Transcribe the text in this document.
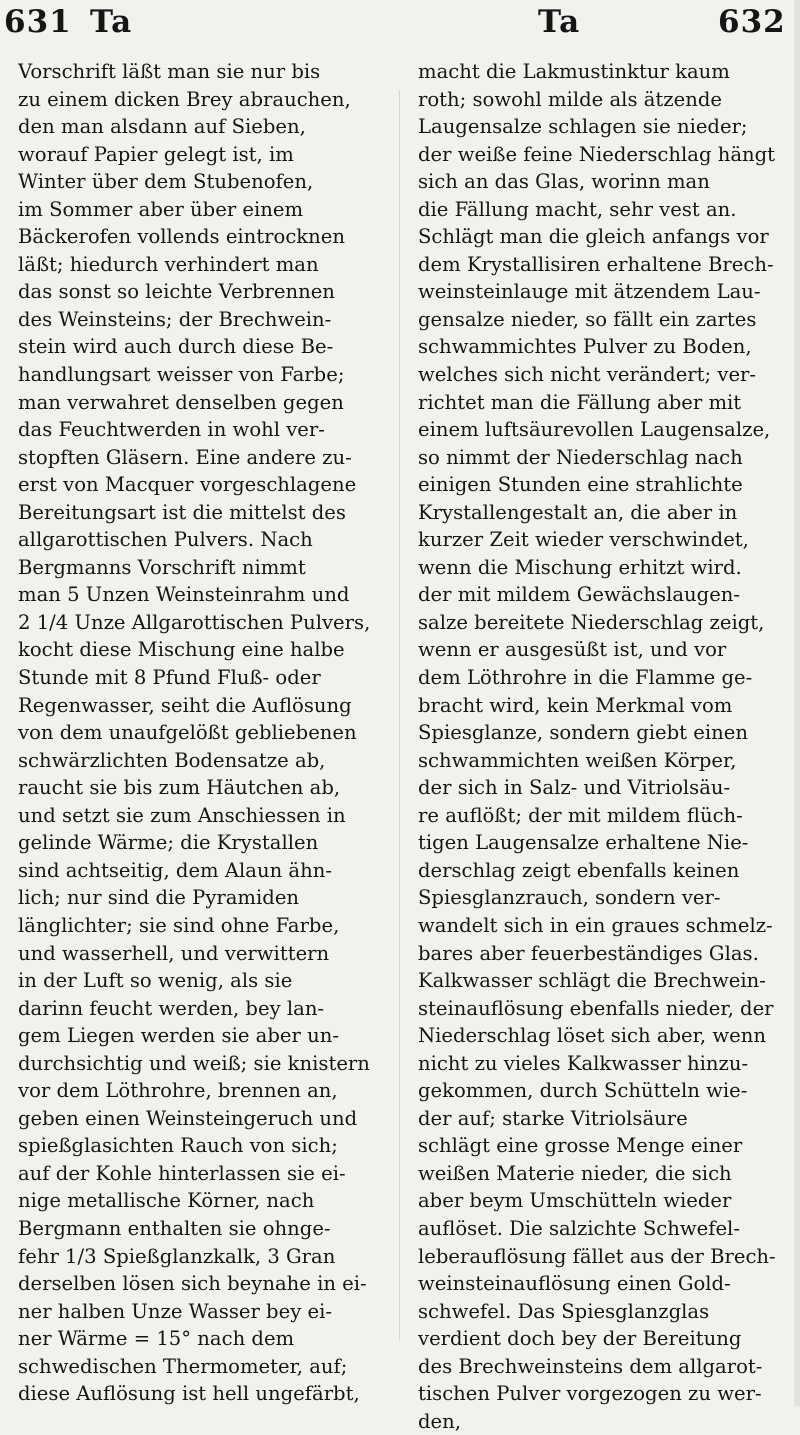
631 Ta	Ta	632
Vorschrift läßt man sie nur bis
zu einem dicken Brey abrauchen,
den man alsdann auf Sieben,
worauf Papier gelegt ist, im
Winter über dem Stubenofen,
im Sommer aber über einem
Bäckerofen vollends eintrocknen
läßt; hiedurch verhindert man
das sonst so leichte Verbrennen
des Weinsteins; der Brechwein-
stein wird auch durch diese Be-
handlungsart weisser von Farbe;
man verwahret denselben gegen
das Feuchtwerden in wohl ver-
stopften Gläsern. Eine andere zu-
erst von Macquer vorgeschlagene
Bereitungsart ist die mittelst des
allgarottischen Pulvers. Nach
Bergmanns Vorschrift nimmt
man 5 Unzen Weinsteinrahm und
2 1/4 Unze Allgarottischen Pulvers,
kocht diese Mischung eine halbe
Stunde mit 8 Pfund Fluß- oder
Regenwasser, seiht die Auflösung
von dem unaufgelößt gebliebenen
schwärzlichten Bodensatze ab,
raucht sie bis zum Häutchen ab,
und setzt sie zum Anschiessen in
gelinde Wärme; die Krystallen
sind achtseitig, dem Alaun ähn-
lich; nur sind die Pyramiden
länglichter; sie sind ohne Farbe,
und wasserhell, und verwittern
in der Luft so wenig, als sie
darinn feucht werden, bey lan-
gem Liegen werden sie aber un-
durchsichtig und weiß; sie knistern
vor dem Löthrohre, brennen an,
geben einen Weinsteingeruch und
spießglasichten Rauch von sich;
auf der Kohle hinterlassen sie ei-
nige metallische Körner, nach
Bergmann enthalten sie ohnge-
fehr 1/3 Spießglanzkalk, 3 Gran
derselben lösen sich beynahe in ei-
ner halben Unze Wasser bey ei-
ner Wärme = 15° nach dem
schwedischen Thermometer, auf;
diese Auflösung ist hell ungefärbt,
macht die Lakmustinktur kaum
roth; sowohl milde als ätzende
Laugensalze schlagen sie nieder;
der weiße feine Niederschlag hängt
sich an das Glas, worinn man
die Fällung macht, sehr vest an.
Schlägt man die gleich anfangs vor
dem Krystallisiren erhaltene Brech-
weinsteinlauge mit ätzendem Lau-
gensalze nieder, so fällt ein zartes
schwammichtes Pulver zu Boden,
welches sich nicht verändert; ver-
richtet man die Fällung aber mit
einem luftsäurevollen Laugensalze,
so nimmt der Niederschlag nach
einigen Stunden eine strahlichte
Krystallengestalt an, die aber in
kurzer Zeit wieder verschwindet,
wenn die Mischung erhitzt wird.
der mit mildem Gewächslaugen-
salze bereitete Niederschlag zeigt,
wenn er ausgesüßt ist, und vor
dem Löthrohre in die Flamme ge-
bracht wird, kein Merkmal vom
Spiesglanze, sondern giebt einen
schwammichten weißen Körper,
der sich in Salz- und Vitriolsäu-
re auflößt; der mit mildem flüch-
tigen Laugensalze erhaltene Nie-
derschlag zeigt ebenfalls keinen
Spiesglanzrauch, sondern ver-
wandelt sich in ein graues schmelz-
bares aber feuerbeständiges Glas.
Kalkwasser schlägt die Brechwein-
steinauflösung ebenfalls nieder, der
Niederschlag löset sich aber, wenn
nicht zu vieles Kalkwasser hinzu-
gekommen, durch Schütteln wie-
der auf; starke Vitriolsäure
schlägt eine grosse Menge einer
weißen Materie nieder, die sich
aber beym Umschütteln wieder
auflöset. Die salzichte Schwefel-
leberauflösung fället aus der Brech-
weinsteinauflösung einen Gold-
schwefel. Das Spiesglanzglas
verdient doch bey der Bereitung
des Brechweinsteins dem allgarot-
tischen Pulver vorgezogen zu wer-
den,
